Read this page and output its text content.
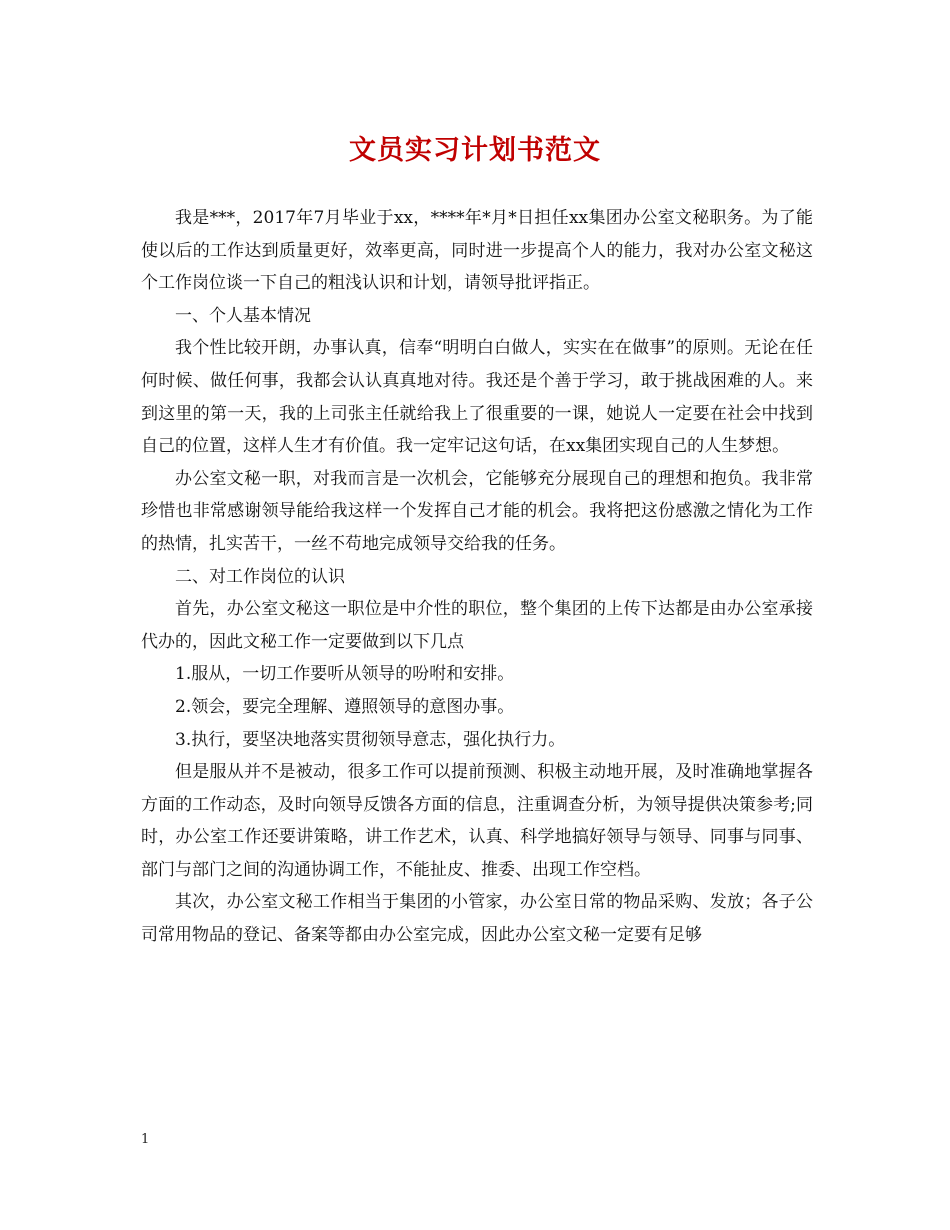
文员实习计划书范文

我是***，2017年7月毕业于xx，****年*月*日担任xx集团办公室文秘职务。为了能使以后的工作达到质量更好，效率更高，同时进一步提高个人的能力，我对办公室文秘这个工作岗位谈一下自己的粗浅认识和计划，请领导批评指正。

一、个人基本情况

我个性比较开朗，办事认真，信奉“明明白白做人，实实在在做事”的原则。无论在任何时候、做任何事，我都会认认真真地对待。我还是个善于学习，敢于挑战困难的人。来到这里的第一天，我的上司张主任就给我上了很重要的一课，她说人一定要在社会中找到自己的位置，这样人生才有价值。我一定牢记这句话，在xx集团实现自己的人生梦想。

办公室文秘一职，对我而言是一次机会，它能够充分展现自己的理想和抱负。我非常珍惜也非常感谢领导能给我这样一个发挥自己才能的机会。我将把这份感激之情化为工作的热情，扎实苦干，一丝不苟地完成领导交给我的任务。

二、对工作岗位的认识

首先，办公室文秘这一职位是中介性的职位，整个集团的上传下达都是由办公室承接代办的，因此文秘工作一定要做到以下几点

1.服从，一切工作要听从领导的吩咐和安排。

2.领会，要完全理解、遵照领导的意图办事。

3.执行，要坚决地落实贯彻领导意志，强化执行力。

但是服从并不是被动，很多工作可以提前预测、积极主动地开展，及时准确地掌握各方面的工作动态，及时向领导反馈各方面的信息，注重调查分析，为领导提供决策参考;同时，办公室工作还要讲策略，讲工作艺术，认真、科学地搞好领导与领导、同事与同事、部门与部门之间的沟通协调工作，不能扯皮、推委、出现工作空档。

其次，办公室文秘工作相当于集团的小管家，办公室日常的物品采购、发放；各子公司常用物品的登记、备案等都由办公室完成，因此办公室文秘一定要有足够

1
